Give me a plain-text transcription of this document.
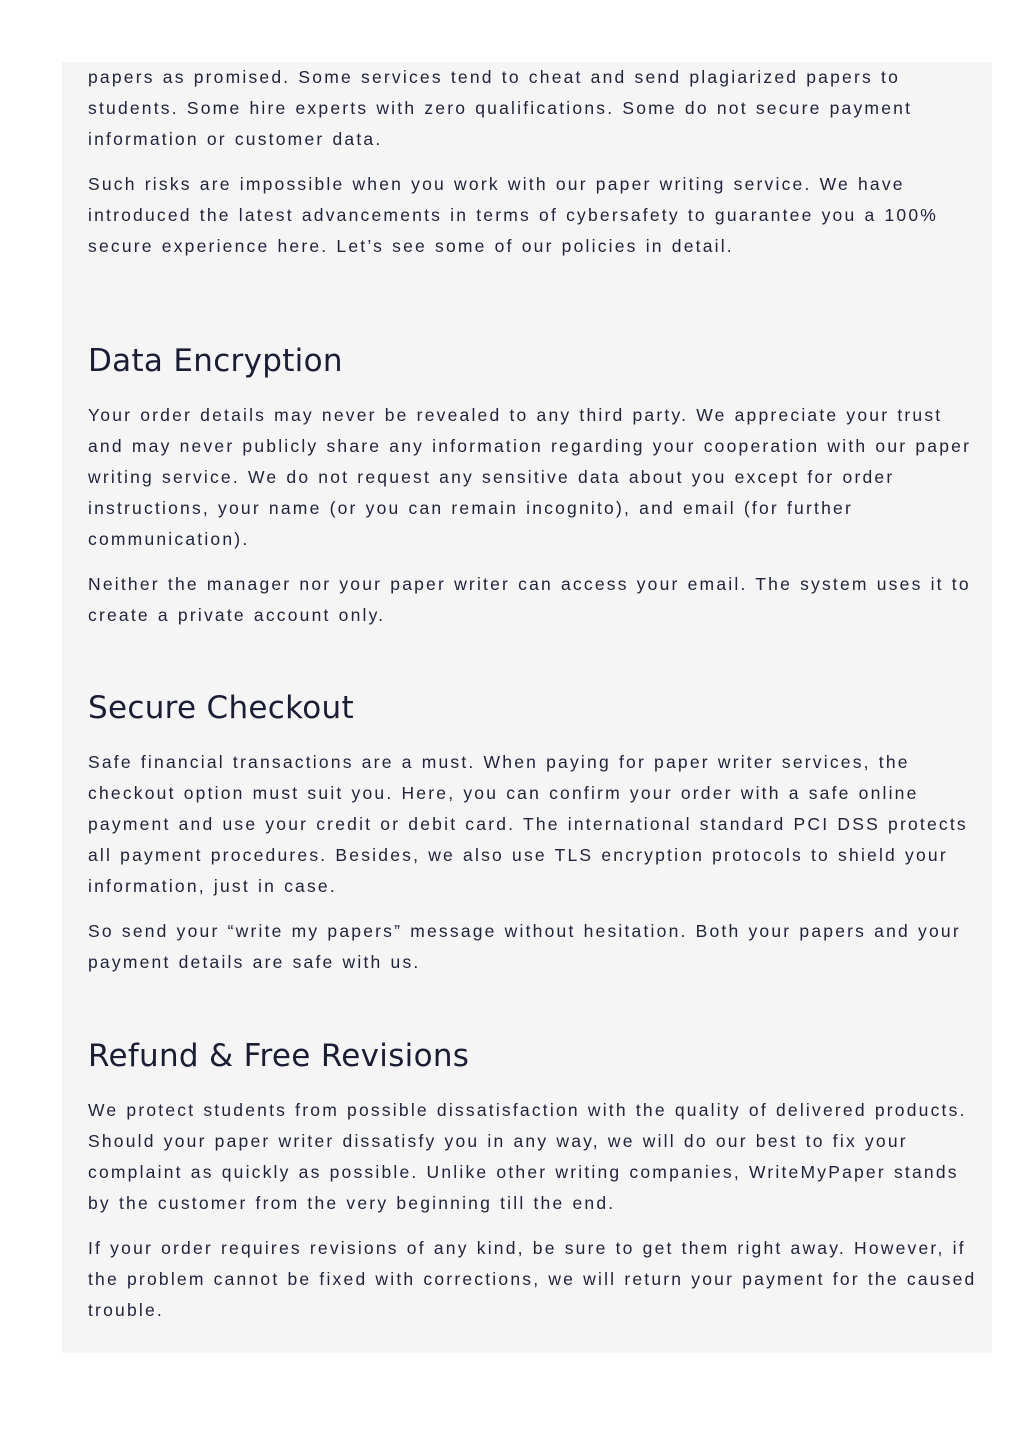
papers as promised. Some services tend to cheat and send plagiarized papers to students. Some hire experts with zero qualifications. Some do not secure payment information or customer data.

Such risks are impossible when you work with our paper writing service. We have introduced the latest advancements in terms of cybersafety to guarantee you a 100% secure experience here. Let’s see some of our policies in detail.

Data Encryption

Your order details may never be revealed to any third party. We appreciate your trust and may never publicly share any information regarding your cooperation with our paper writing service. We do not request any sensitive data about you except for order instructions, your name (or you can remain incognito), and email (for further communication).

Neither the manager nor your paper writer can access your email. The system uses it to create a private account only.

Secure Checkout

Safe financial transactions are a must. When paying for paper writer services, the checkout option must suit you. Here, you can confirm your order with a safe online payment and use your credit or debit card. The international standard PCI DSS protects all payment procedures. Besides, we also use TLS encryption protocols to shield your information, just in case.

So send your “write my papers” message without hesitation. Both your papers and your payment details are safe with us.

Refund & Free Revisions

We protect students from possible dissatisfaction with the quality of delivered products. Should your paper writer dissatisfy you in any way, we will do our best to fix your complaint as quickly as possible. Unlike other writing companies, WriteMyPaper stands by the customer from the very beginning till the end.

If your order requires revisions of any kind, be sure to get them right away. However, if the problem cannot be fixed with corrections, we will return your payment for the caused trouble.
